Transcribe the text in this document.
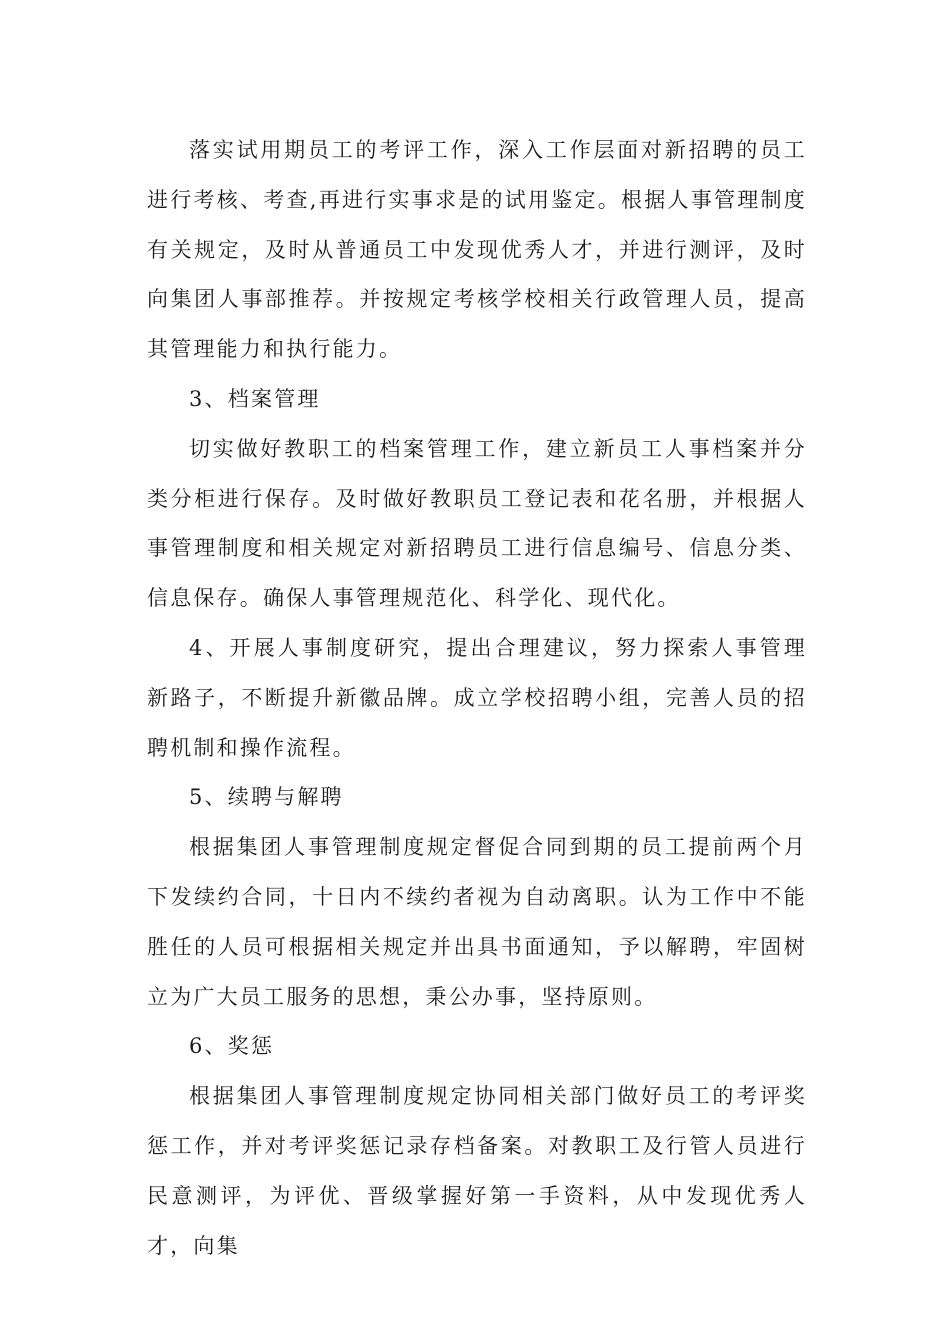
落实试用期员工的考评工作，深入工作层面对新招聘的员工进行考核、考查,再进行实事求是的试用鉴定。根据人事管理制度有关规定，及时从普通员工中发现优秀人才，并进行测评，及时向集团人事部推荐。并按规定考核学校相关行政管理人员，提高其管理能力和执行能力。

3、档案管理

切实做好教职工的档案管理工作，建立新员工人事档案并分类分柜进行保存。及时做好教职员工登记表和花名册，并根据人事管理制度和相关规定对新招聘员工进行信息编号、信息分类、信息保存。确保人事管理规范化、科学化、现代化。

4、开展人事制度研究，提出合理建议，努力探索人事管理新路子，不断提升新徽品牌。成立学校招聘小组，完善人员的招聘机制和操作流程。

5、续聘与解聘

根据集团人事管理制度规定督促合同到期的员工提前两个月下发续约合同，十日内不续约者视为自动离职。认为工作中不能胜任的人员可根据相关规定并出具书面通知，予以解聘，牢固树立为广大员工服务的思想，秉公办事，坚持原则。

6、奖惩

根据集团人事管理制度规定协同相关部门做好员工的考评奖惩工作，并对考评奖惩记录存档备案。对教职工及行管人员进行民意测评，为评优、晋级掌握好第一手资料，从中发现优秀人才，向集
